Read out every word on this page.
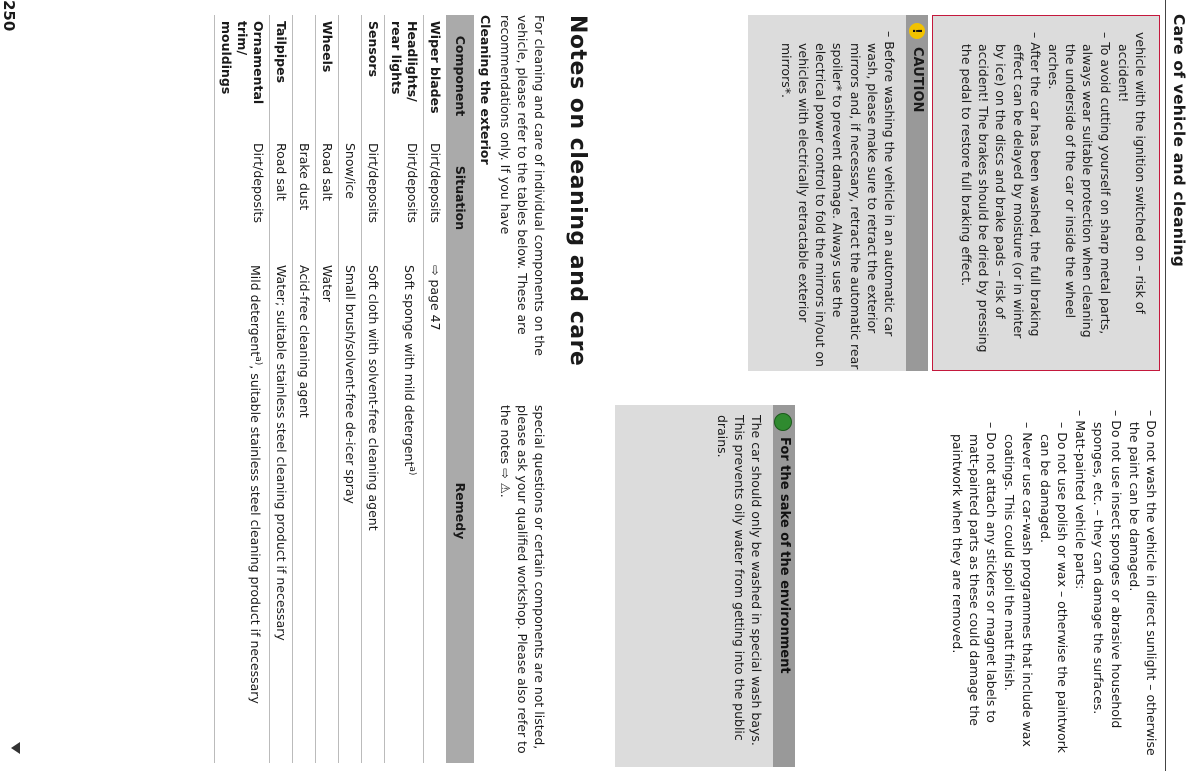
Care of vehicle and cleaning
vehicle with the ignition switched on – risk of accident!
– To avoid cutting yourself on sharp metal parts, always wear suitable protection when cleaning the underside of the car or inside the wheel arches.
– After the car has been washed, the full braking effect can be delayed by moisture (or in winter by ice) on the discs and brake pads – risk of accident! The brakes should be dried by pressing the pedal to restore full braking effect.
– Do not wash the vehicle in direct sunlight – otherwise the paint can be damaged.
– Do not use insect sponges or abrasive household sponges, etc. – they can damage the surfaces.
– Matt-painted vehicle parts:
– Do not use polish or wax – otherwise the paintwork can be damaged.
– Never use car-wash programmes that include wax coatings. This could spoil the matt finish.
– Do not attach any stickers or magnet labels to matt-painted parts as these could damage the paintwork when they are removed.
For the sake of the environment
The car should only be washed in special wash bays. This prevents oily water from getting into the public drains.
Notes on cleaning and care
For cleaning and care of individual components on the vehicle, please refer to the tables below. These are recommendations only. If you have
special questions or certain components are not listed, please ask your qualified workshop. Please also refer to the notes ⇨ ⚠.
Cleaning the exterior
Component	Situation	Remedy
Wiper blades	Dirt/deposits	⇨ page 47
Headlights/ rear lights	Dirt/deposits	Soft sponge with mild detergent$^{a)}$
Sensors	Dirt/deposits	Soft cloth with solvent-free cleaning agent
	Snow/ice	Small brush/solvent-free de-icer spray
Wheels	Road salt	Water
	Brake dust	Acid-free cleaning agent
Tailpipes	Road salt	Water; suitable stainless steel cleaning product if necessary
Ornamental trim/ mouldings	Dirt/deposits	Mild detergent$^{a)}$, suitable stainless steel cleaning product if necessary
250	!
CAUTION
– Before washing the vehicle in an automatic car wash, please make sure to retract the exterior mirrors and, if necessary, retract the automatic rear spoiler* to prevent damage. Always use the electrical power control to fold the mirrors in/out on vehicles with electrically retractable exterior mirrors*.
